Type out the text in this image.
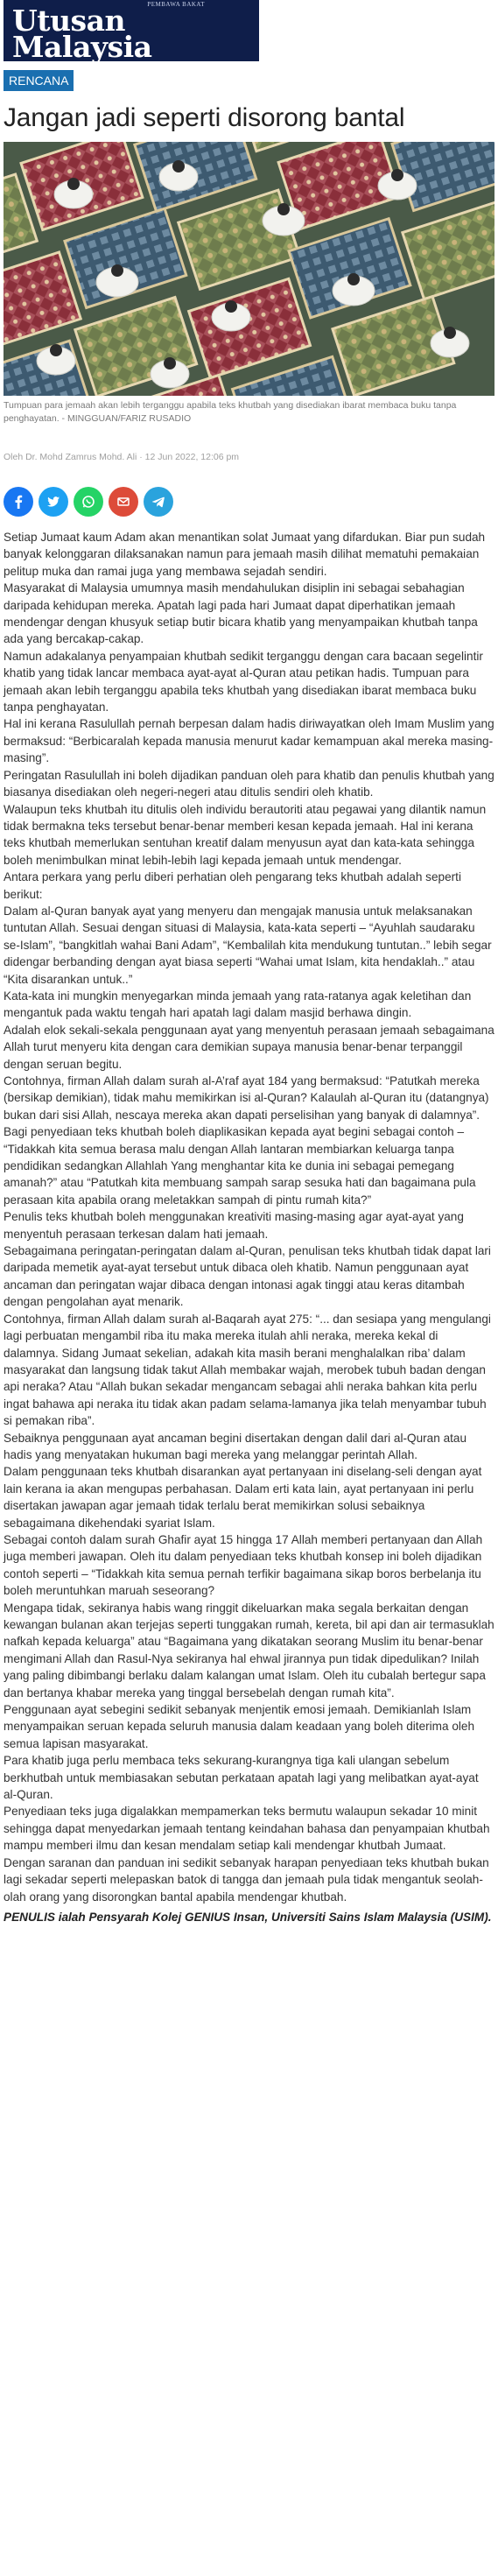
PEMBAWA BAKAT
Utusan
Malaysia
RENCANA
Jangan jadi seperti disorong bantal

Tumpuan para jemaah akan lebih terganggu apabila teks khutbah yang disediakan ibarat membaca buku tanpa penghayatan. - MINGGUAN/FARIZ RUSADIO

Oleh Dr. Mohd Zamrus Mohd. Ali · 12 Jun 2022, 12:06 pm

Setiap Jumaat kaum Adam akan menantikan solat Jumaat yang difardukan. Biar pun sudah banyak kelonggaran dilaksanakan namun para jemaah masih dilihat mematuhi pemakaian pelitup muka dan ramai juga yang membawa sejadah sendiri.

Masyarakat di Malaysia umumnya masih mendahulukan disiplin ini sebagai sebahagian daripada kehidupan mereka. Apatah lagi pada hari Jumaat dapat diperhatikan jemaah mendengar dengan khusyuk setiap butir bicara khatib yang menyampaikan khutbah tanpa ada yang bercakap-cakap.

Namun adakalanya penyampaian khutbah sedikit terganggu dengan cara bacaan segelintir khatib yang tidak lancar membaca ayat-ayat al-Quran atau petikan hadis. Tumpuan para jemaah akan lebih terganggu apabila teks khutbah yang disediakan ibarat membaca buku tanpa penghayatan.

Hal ini kerana Rasulullah pernah berpesan dalam hadis diriwayatkan oleh Imam Muslim yang bermaksud: “Berbicaralah kepada manusia menurut kadar kemampuan akal mereka masing-masing”.

Peringatan Rasulullah ini boleh dijadikan panduan oleh para khatib dan penulis khutbah yang biasanya disediakan oleh negeri-negeri atau ditulis sendiri oleh khatib.

Walaupun teks khutbah itu ditulis oleh individu berautoriti atau pegawai yang dilantik namun tidak bermakna teks tersebut benar-benar memberi kesan kepada jemaah. Hal ini kerana teks khutbah memerlukan sentuhan kreatif dalam menyusun ayat dan kata-kata sehingga boleh menimbulkan minat lebih-lebih lagi kepada jemaah untuk mendengar.

Antara perkara yang perlu diberi perhatian oleh pengarang teks khutbah adalah seperti berikut:

Dalam al-Quran banyak ayat yang menyeru dan mengajak manusia untuk melaksanakan tuntutan Allah. Sesuai dengan situasi di Malaysia, kata-kata seperti – “Ayuhlah saudaraku se-Islam”, “bangkitlah wahai Bani Adam”, “Kembalilah kita mendukung tuntutan..” lebih segar didengar berbanding dengan ayat biasa seperti “Wahai umat Islam, kita hendaklah..” atau “Kita disarankan untuk..”

Kata-kata ini mungkin menyegarkan minda jemaah yang rata-ratanya agak keletihan dan mengantuk pada waktu tengah hari apatah lagi dalam masjid berhawa dingin.

Adalah elok sekali-sekala penggunaan ayat yang menyentuh perasaan jemaah sebagaimana Allah turut menyeru kita dengan cara demikian supaya manusia benar-benar terpanggil dengan seruan begitu.

Contohnya, firman Allah dalam surah al-A’raf ayat 184 yang bermaksud: “Patutkah mereka (bersikap demikian), tidak mahu memikirkan isi al-Quran? Kalaulah al-Quran itu (datangnya) bukan dari sisi Allah, nescaya mereka akan dapati perselisihan yang banyak di dalamnya”.

Bagi penyediaan teks khutbah boleh diaplikasikan kepada ayat begini sebagai contoh – “Tidakkah kita semua berasa malu dengan Allah lantaran membiarkan keluarga tanpa pendidikan sedangkan Allahlah Yang menghantar kita ke dunia ini sebagai pemegang amanah?” atau “Patutkah kita membuang sampah sarap sesuka hati dan bagaimana pula perasaan kita apabila orang meletakkan sampah di pintu rumah kita?”

Penulis teks khutbah boleh menggunakan kreativiti masing-masing agar ayat-ayat yang menyentuh perasaan terkesan dalam hati jemaah.

Sebagaimana peringatan-peringatan dalam al-Quran, penulisan teks khutbah tidak dapat lari daripada memetik ayat-ayat tersebut untuk dibaca oleh khatib. Namun penggunaan ayat ancaman dan peringatan wajar dibaca dengan intonasi agak tinggi atau keras ditambah dengan pengolahan ayat menarik.

Contohnya, firman Allah dalam surah al-Baqarah ayat 275: “... dan sesiapa yang mengulangi lagi perbuatan mengambil riba itu maka mereka itulah ahli neraka, mereka kekal di dalamnya. Sidang Jumaat sekelian, adakah kita masih berani menghalalkan riba’ dalam masyarakat dan langsung tidak takut Allah membakar wajah, merobek tubuh badan dengan api neraka? Atau “Allah bukan sekadar mengancam sebagai ahli neraka bahkan kita perlu ingat bahawa api neraka itu tidak akan padam selama-lamanya jika telah menyambar tubuh si pemakan riba”.

Sebaiknya penggunaan ayat ancaman begini disertakan dengan dalil dari al-Quran atau hadis yang menyatakan hukuman bagi mereka yang melanggar perintah Allah.

Dalam penggunaan teks khutbah disarankan ayat pertanyaan ini diselang-seli dengan ayat lain kerana ia akan mengupas perbahasan. Dalam erti kata lain, ayat pertanyaan ini perlu disertakan jawapan agar jemaah tidak terlalu berat memikirkan solusi sebaiknya sebagaimana dikehendaki syariat Islam.

Sebagai contoh dalam surah Ghafir ayat 15 hingga 17 Allah memberi pertanyaan dan Allah juga memberi jawapan. Oleh itu dalam penyediaan teks khutbah konsep ini boleh dijadikan contoh seperti – “Tidakkah kita semua pernah terfikir bagaimana sikap boros berbelanja itu boleh meruntuhkan maruah seseorang?

Mengapa tidak, sekiranya habis wang ringgit dikeluarkan maka segala berkaitan dengan kewangan bulanan akan terjejas seperti tunggakan rumah, kereta, bil api dan air termasuklah nafkah kepada keluarga” atau “Bagaimana yang dikatakan seorang Muslim itu benar-benar mengimani Allah dan Rasul-Nya sekiranya hal ehwal jirannya pun tidak dipedulikan? Inilah yang paling dibimbangi berlaku dalam kalangan umat Islam. Oleh itu cubalah bertegur sapa dan bertanya khabar mereka yang tinggal bersebelah dengan rumah kita”.

Penggunaan ayat sebegini sedikit sebanyak menjentik emosi jemaah. Demikianlah Islam menyampaikan seruan kepada seluruh manusia dalam keadaan yang boleh diterima oleh semua lapisan masyarakat.

Para khatib juga perlu membaca teks sekurang-kurangnya tiga kali ulangan sebelum berkhutbah untuk membiasakan sebutan perkataan apatah lagi yang melibatkan ayat-ayat al-Quran.

Penyediaan teks juga digalakkan mempamerkan teks bermutu walaupun sekadar 10 minit sehingga dapat menyedarkan jemaah tentang keindahan bahasa dan penyampaian khutbah mampu memberi ilmu dan kesan mendalam setiap kali mendengar khutbah Jumaat.

Dengan saranan dan panduan ini sedikit sebanyak harapan penyediaan teks khutbah bukan lagi sekadar seperti melepaskan batok di tangga dan jemaah pula tidak mengantuk seolah-olah orang yang disorongkan bantal apabila mendengar khutbah.

PENULIS ialah Pensyarah Kolej GENIUS Insan, Universiti Sains Islam Malaysia (USIM).
